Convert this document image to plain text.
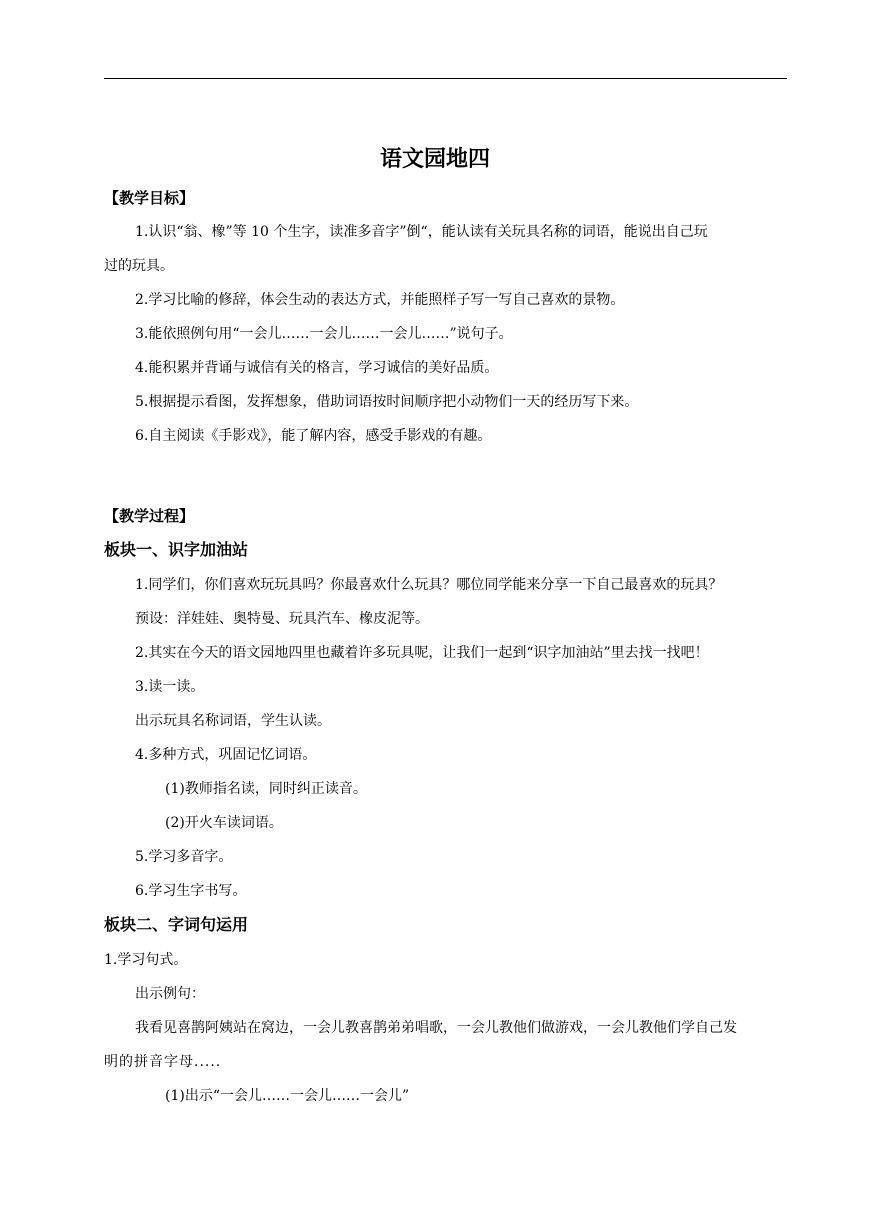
语文园地四
【教学目标】
1.认识“翁、橡”等 10 个生字，读准多音字”倒“，能认读有关玩具名称的词语，能说出自己玩
过的玩具。
2.学习比喻的修辞，体会生动的表达方式，并能照样子写一写自己喜欢的景物。
3.能依照例句用“一会儿……一会儿……一会儿……”说句子。
4.能积累并背诵与诚信有关的格言，学习诚信的美好品质。
5.根据提示看图，发挥想象，借助词语按时间顺序把小动物们一天的经历写下来。
6.自主阅读《手影戏》，能了解内容，感受手影戏的有趣。
【教学过程】
板块一、识字加油站
1.同学们，你们喜欢玩玩具吗？你最喜欢什么玩具？哪位同学能来分享一下自己最喜欢的玩具？
预设：洋娃娃、奥特曼、玩具汽车、橡皮泥等。
2.其实在今天的语文园地四里也藏着许多玩具呢，让我们一起到“识字加油站”里去找一找吧！
3.读一读。
出示玩具名称词语，学生认读。
4.多种方式，巩固记忆词语。
(1)教师指名读，同时纠正读音。
(2)开火车读词语。
5.学习多音字。
6.学习生字书写。
板块二、字词句运用
1.学习句式。
出示例句：
我看见喜鹊阿姨站在窝边，一会儿教喜鹊弟弟唱歌，一会儿教他们做游戏，一会儿教他们学自己发
明的拼音字母.....
(1)出示“一会儿……一会儿……一会儿”
